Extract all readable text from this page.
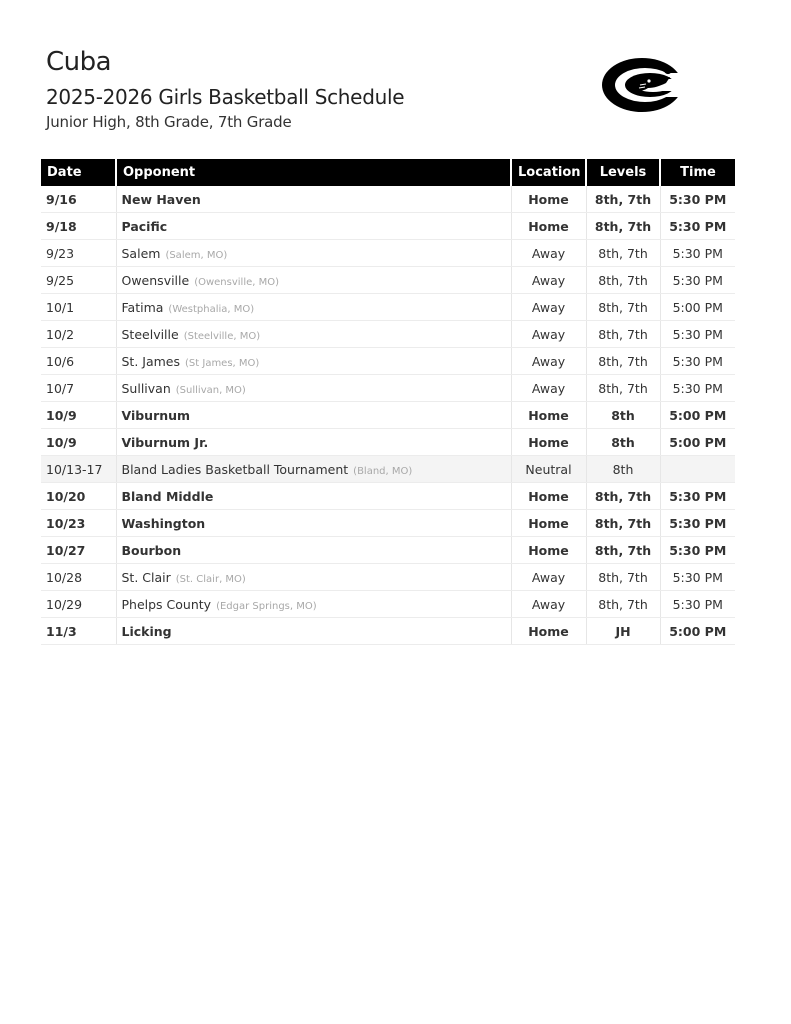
Cuba
2025-2026 Girls Basketball Schedule
Junior High, 8th Grade, 7th Grade
Date	Opponent	Location	Levels	Time
9/16	New Haven	Home	8th, 7th	5:30 PM
9/18	Pacific	Home	8th, 7th	5:30 PM
9/23	Salem (Salem, MO)	Away	8th, 7th	5:30 PM
9/25	Owensville (Owensville, MO)	Away	8th, 7th	5:30 PM
10/1	Fatima (Westphalia, MO)	Away	8th, 7th	5:00 PM
10/2	Steelville (Steelville, MO)	Away	8th, 7th	5:30 PM
10/6	St. James (St James, MO)	Away	8th, 7th	5:30 PM
10/7	Sullivan (Sullivan, MO)	Away	8th, 7th	5:30 PM
10/9	Viburnum	Home	8th	5:00 PM
10/9	Viburnum Jr.	Home	8th	5:00 PM
10/13-17	Bland Ladies Basketball Tournament (Bland, MO)	Neutral	8th	
10/20	Bland Middle	Home	8th, 7th	5:30 PM
10/23	Washington	Home	8th, 7th	5:30 PM
10/27	Bourbon	Home	8th, 7th	5:30 PM
10/28	St. Clair (St. Clair, MO)	Away	8th, 7th	5:30 PM
10/29	Phelps County (Edgar Springs, MO)	Away	8th, 7th	5:30 PM
11/3	Licking	Home	JH	5:00 PM
